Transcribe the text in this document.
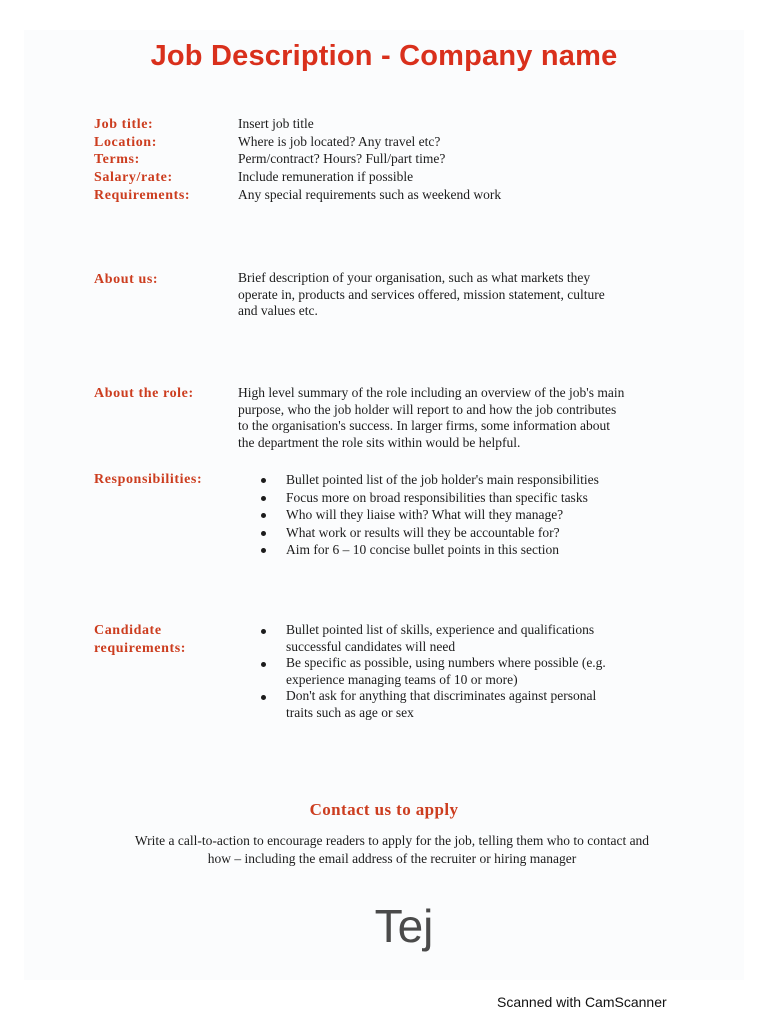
Job Description - Company name
Job title:	Insert job title
Location:	Where is job located? Any travel etc?
Terms:	Perm/contract? Hours? Full/part time?
Salary/rate:	Include remuneration if possible
Requirements:	Any special requirements such as weekend work
About us:	Brief description of your organisation, such as what markets they
operate in, products and services offered, mission statement, culture
and values etc.
About the role:	High level summary of the role including an overview of the job's main
purpose, who the job holder will report to and how the job contributes
to the organisation's success. In larger firms, some information about
the department the role sits within would be helpful.
Responsibilities:	Bullet pointed list of the job holder's main responsibilities
Focus more on broad responsibilities than specific tasks
Who will they liaise with? What will they manage?
What work or results will they be accountable for?
Aim for 6 – 10 concise bullet points in this section
Candidate
requirements:
Bullet pointed list of skills, experience and qualifications
successful candidates will need
Be specific as possible, using numbers where possible (e.g.
experience managing teams of 10 or more)
Don't ask for anything that discriminates against personal
traits such as age or sex
Contact us to apply
Write a call-to-action to encourage readers to apply for the job, telling them who to contact and
how – including the email address of the recruiter or hiring manager
Tej
Scanned with CamScanner
